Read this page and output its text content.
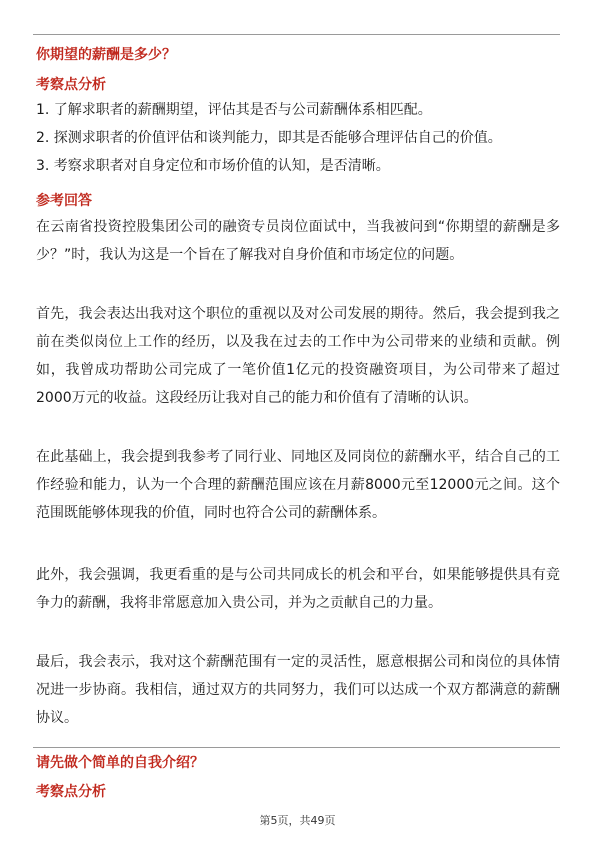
你期望的薪酬是多少？
考察点分析
1. 了解求职者的薪酬期望，评估其是否与公司薪酬体系相匹配。
2. 探测求职者的价值评估和谈判能力，即其是否能够合理评估自己的价值。
3. 考察求职者对自身定位和市场价值的认知，是否清晰。
参考回答
在云南省投资控股集团公司的融资专员岗位面试中，当我被问到“你期望的薪酬是多少？”时，我认为这是一个旨在了解我对自身价值和市场定位的问题。
首先，我会表达出我对这个职位的重视以及对公司发展的期待。然后，我会提到我之前在类似岗位上工作的经历，以及我在过去的工作中为公司带来的业绩和贡献。例如，我曾成功帮助公司完成了一笔价值1亿元的投资融资项目，为公司带来了超过2000万元的收益。这段经历让我对自己的能力和价值有了清晰的认识。
在此基础上，我会提到我参考了同行业、同地区及同岗位的薪酬水平，结合自己的工作经验和能力，认为一个合理的薪酬范围应该在月薪8000元至12000元之间。这个范围既能够体现我的价值，同时也符合公司的薪酬体系。
此外，我会强调，我更看重的是与公司共同成长的机会和平台，如果能够提供具有竞争力的薪酬，我将非常愿意加入贵公司，并为之贡献自己的力量。
最后，我会表示，我对这个薪酬范围有一定的灵活性，愿意根据公司和岗位的具体情况进一步协商。我相信，通过双方的共同努力，我们可以达成一个双方都满意的薪酬协议。
请先做个简单的自我介绍？
考察点分析
第5页，共49页
